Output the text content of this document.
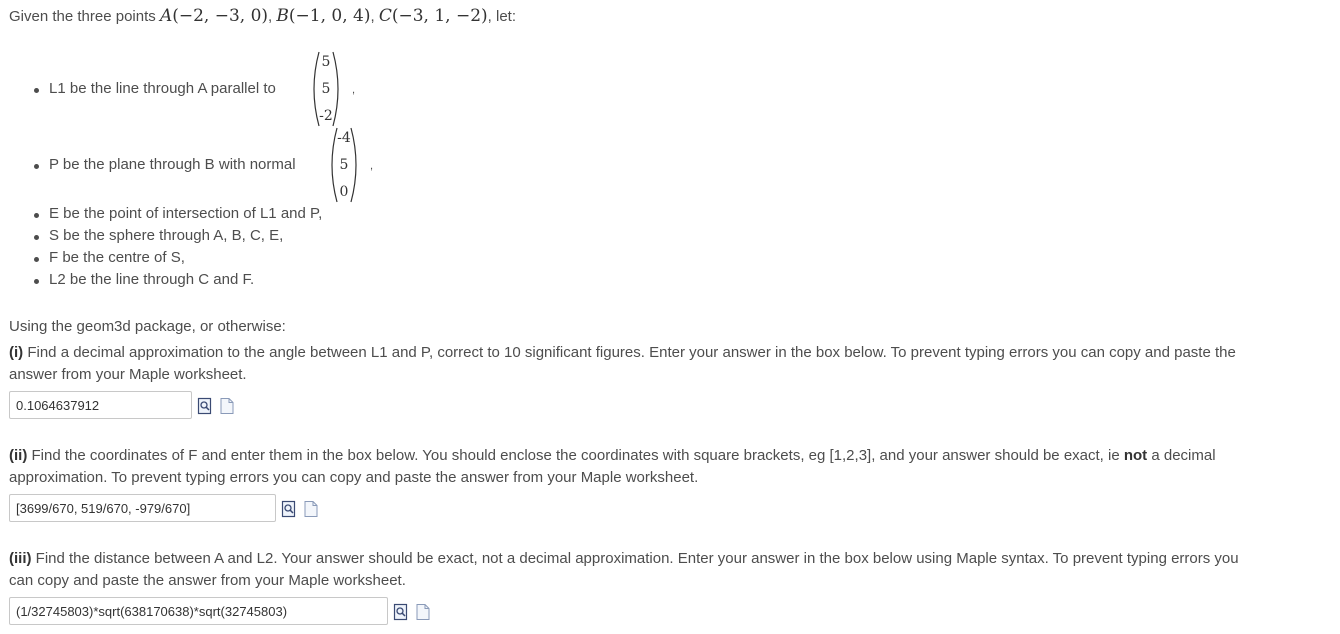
Given the three points A(−2, −3, 0), B(−1, 0, 4), C(−3, 1, −2), let:
L1 be the line through A parallel to
5
5
-2
,
P be the plane through B with normal
-4
5
0
,
E be the point of intersection of L1 and P,
S be the sphere through A, B, C, E,
F be the centre of S,
L2 be the line through C and F.
Using the geom3d package, or otherwise:
(i) Find a decimal approximation to the angle between L1 and P, correct to 10 significant figures. Enter your answer in the box below. To prevent typing errors you can copy and paste the
answer from your Maple worksheet.
0.1064637912
(ii) Find the coordinates of F and enter them in the box below. You should enclose the coordinates with square brackets, eg [1,2,3], and your answer should be exact, ie not a decimal
approximation. To prevent typing errors you can copy and paste the answer from your Maple worksheet.
[3699/670, 519/670, -979/670]
(iii) Find the distance between A and L2. Your answer should be exact, not a decimal approximation. Enter your answer in the box below using Maple syntax. To prevent typing errors you
can copy and paste the answer from your Maple worksheet.
(1/32745803)*sqrt(638170638)*sqrt(32745803)
